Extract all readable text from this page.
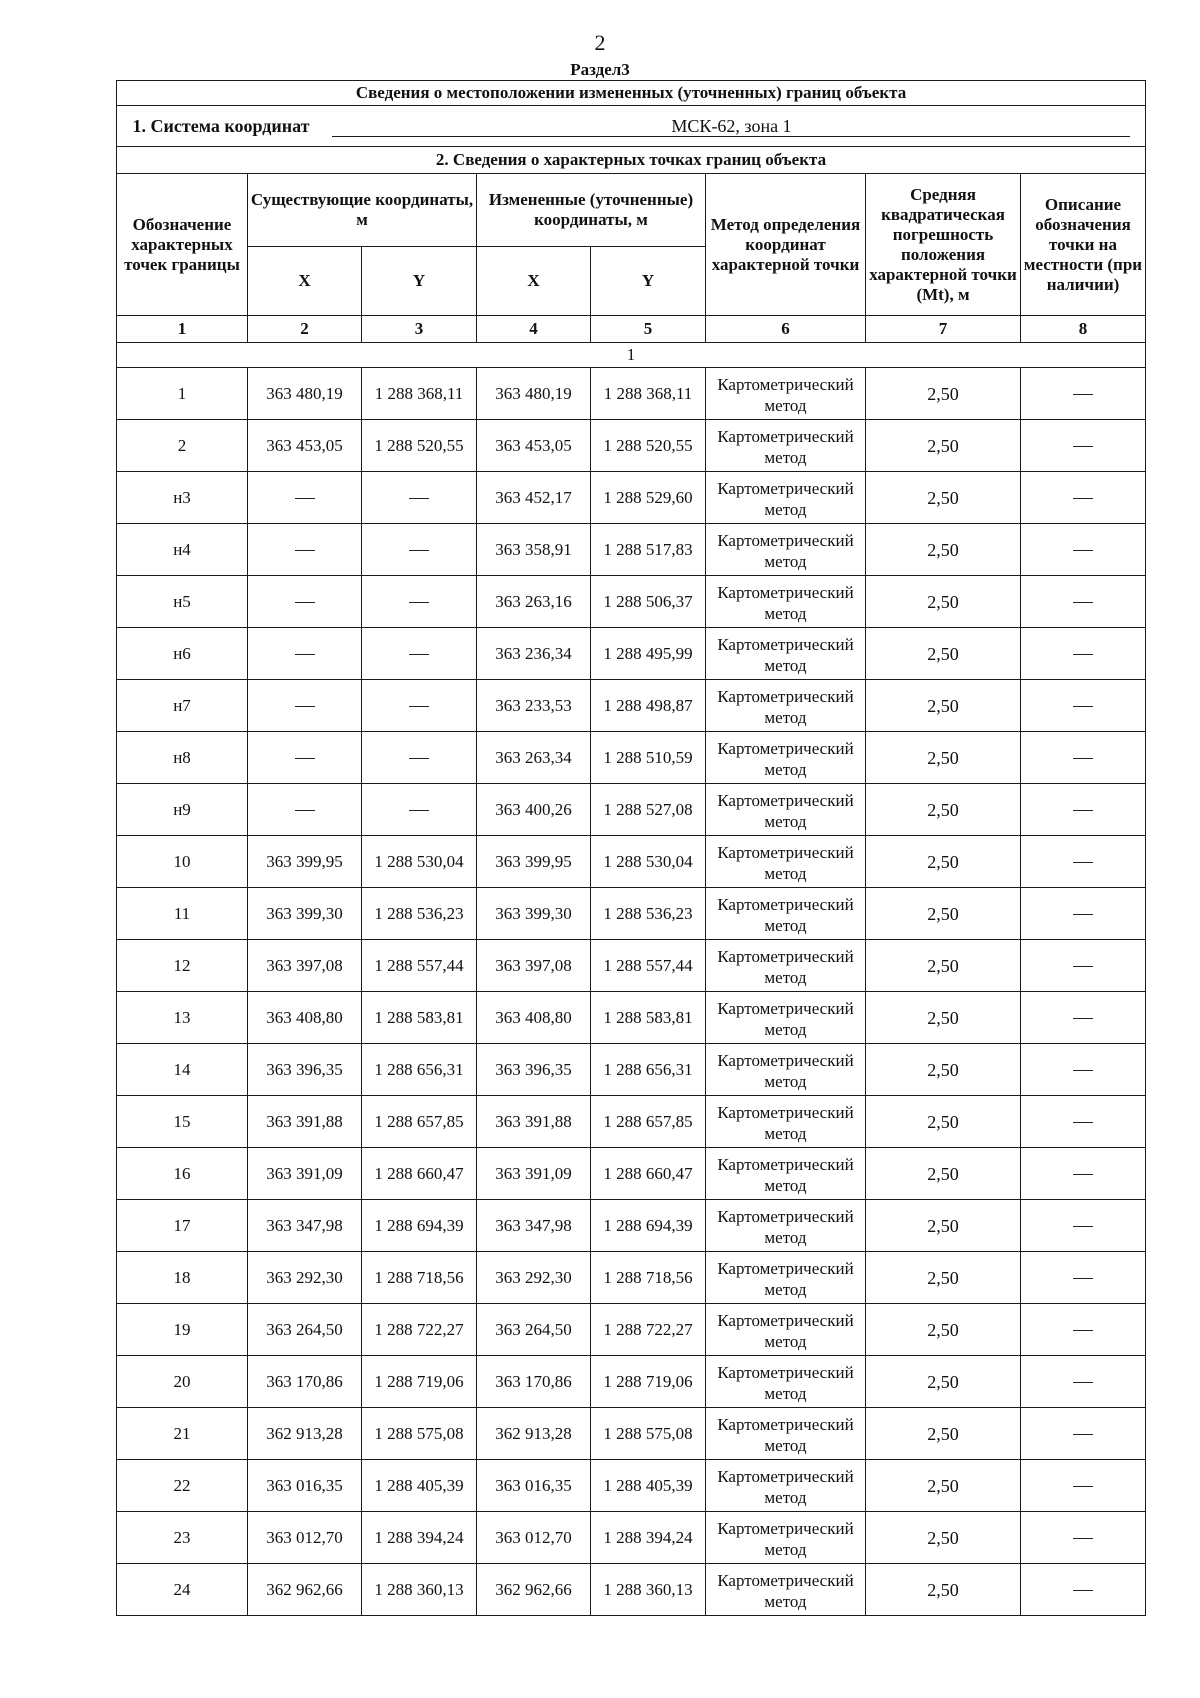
2
Раздел3
Сведения о местоположении измененных (уточненных) границ объекта							
1. Система координат МСК-62, зона 1							
2. Сведения о характерных точках границ объекта							
Обозначение характерных точек границы	Существующие координаты, м		Измененные (уточненные) координаты, м		Метод определения координат характерной точки	Средняя квадратическая погрешность положения характерной точки (Mt), м	Описание обозначения точки на местности (при наличии)
	X	Y	X	Y			
1	2	3	4	5	6	7	8
1							
1	363 480,19	1 288 368,11	363 480,19	1 288 368,11	Картометрический метод	2,50	
2	363 453,05	1 288 520,55	363 453,05	1 288 520,55	Картометрический метод	2,50	
н3			363 452,17	1 288 529,60	Картометрический метод	2,50	
н4			363 358,91	1 288 517,83	Картометрический метод	2,50	
н5			363 263,16	1 288 506,37	Картометрический метод	2,50	
н6			363 236,34	1 288 495,99	Картометрический метод	2,50	
н7			363 233,53	1 288 498,87	Картометрический метод	2,50	
н8			363 263,34	1 288 510,59	Картометрический метод	2,50	
н9			363 400,26	1 288 527,08	Картометрический метод	2,50	
10	363 399,95	1 288 530,04	363 399,95	1 288 530,04	Картометрический метод	2,50	
11	363 399,30	1 288 536,23	363 399,30	1 288 536,23	Картометрический метод	2,50	
12	363 397,08	1 288 557,44	363 397,08	1 288 557,44	Картометрический метод	2,50	
13	363 408,80	1 288 583,81	363 408,80	1 288 583,81	Картометрический метод	2,50	
14	363 396,35	1 288 656,31	363 396,35	1 288 656,31	Картометрический метод	2,50	
15	363 391,88	1 288 657,85	363 391,88	1 288 657,85	Картометрический метод	2,50	
16	363 391,09	1 288 660,47	363 391,09	1 288 660,47	Картометрический метод	2,50	
17	363 347,98	1 288 694,39	363 347,98	1 288 694,39	Картометрический метод	2,50	
18	363 292,30	1 288 718,56	363 292,30	1 288 718,56	Картометрический метод	2,50	
19	363 264,50	1 288 722,27	363 264,50	1 288 722,27	Картометрический метод	2,50	
20	363 170,86	1 288 719,06	363 170,86	1 288 719,06	Картометрический метод	2,50	
21	362 913,28	1 288 575,08	362 913,28	1 288 575,08	Картометрический метод	2,50	
22	363 016,35	1 288 405,39	363 016,35	1 288 405,39	Картометрический метод	2,50	
23	363 012,70	1 288 394,24	363 012,70	1 288 394,24	Картометрический метод	2,50	
24	362 962,66	1 288 360,13	362 962,66	1 288 360,13	Картометрический метод	2,50	
